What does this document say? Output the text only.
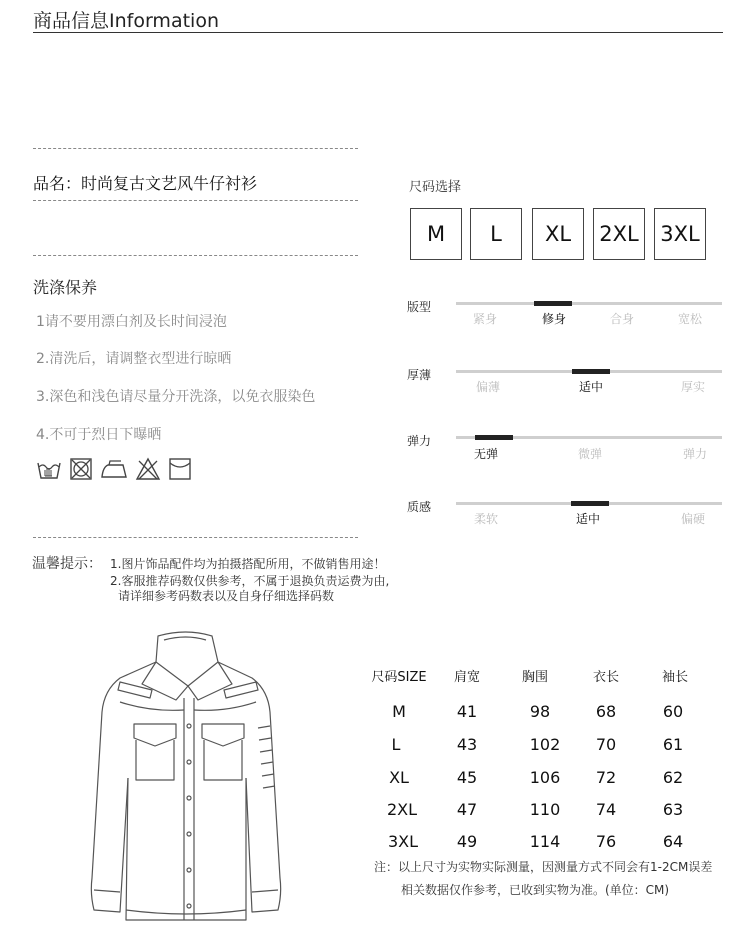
商品信息Information
品名：时尚复古文艺风牛仔衬衫
洗涤保养
1请不要用漂白剂及长时间浸泡
2.清洗后，请调整衣型进行晾晒
3.深色和浅色请尽量分开洗涤，以免衣服染色
4.不可于烈日下曝晒
尺码选择
M	L	XL	2XL 3XL
版型
紧身	修身	合身	宽松
厚薄
偏薄	适中	厚实
弹力
无弹	微弹	弹力
质感
柔软	适中	偏硬
温馨提示： 1.图片饰品配件均为拍摄搭配所用，不做销售用途！
2.客服推荐码数仅供参考，不属于退换负责运费为由,
请详细参考码数表以及自身仔细选择码数
尺码SIZE 肩宽	胸围	衣长	袖长
M	41	98	68	60
L	43	102 70	61
XL	45	106 72	62
2XL 47	110 74	63
3XL 49	114 76	64
注：以上尺寸为实物实际测量，因测量方式不同会有1-2CM误差
相关数据仅作参考，已收到实物为准。(单位：CM)
